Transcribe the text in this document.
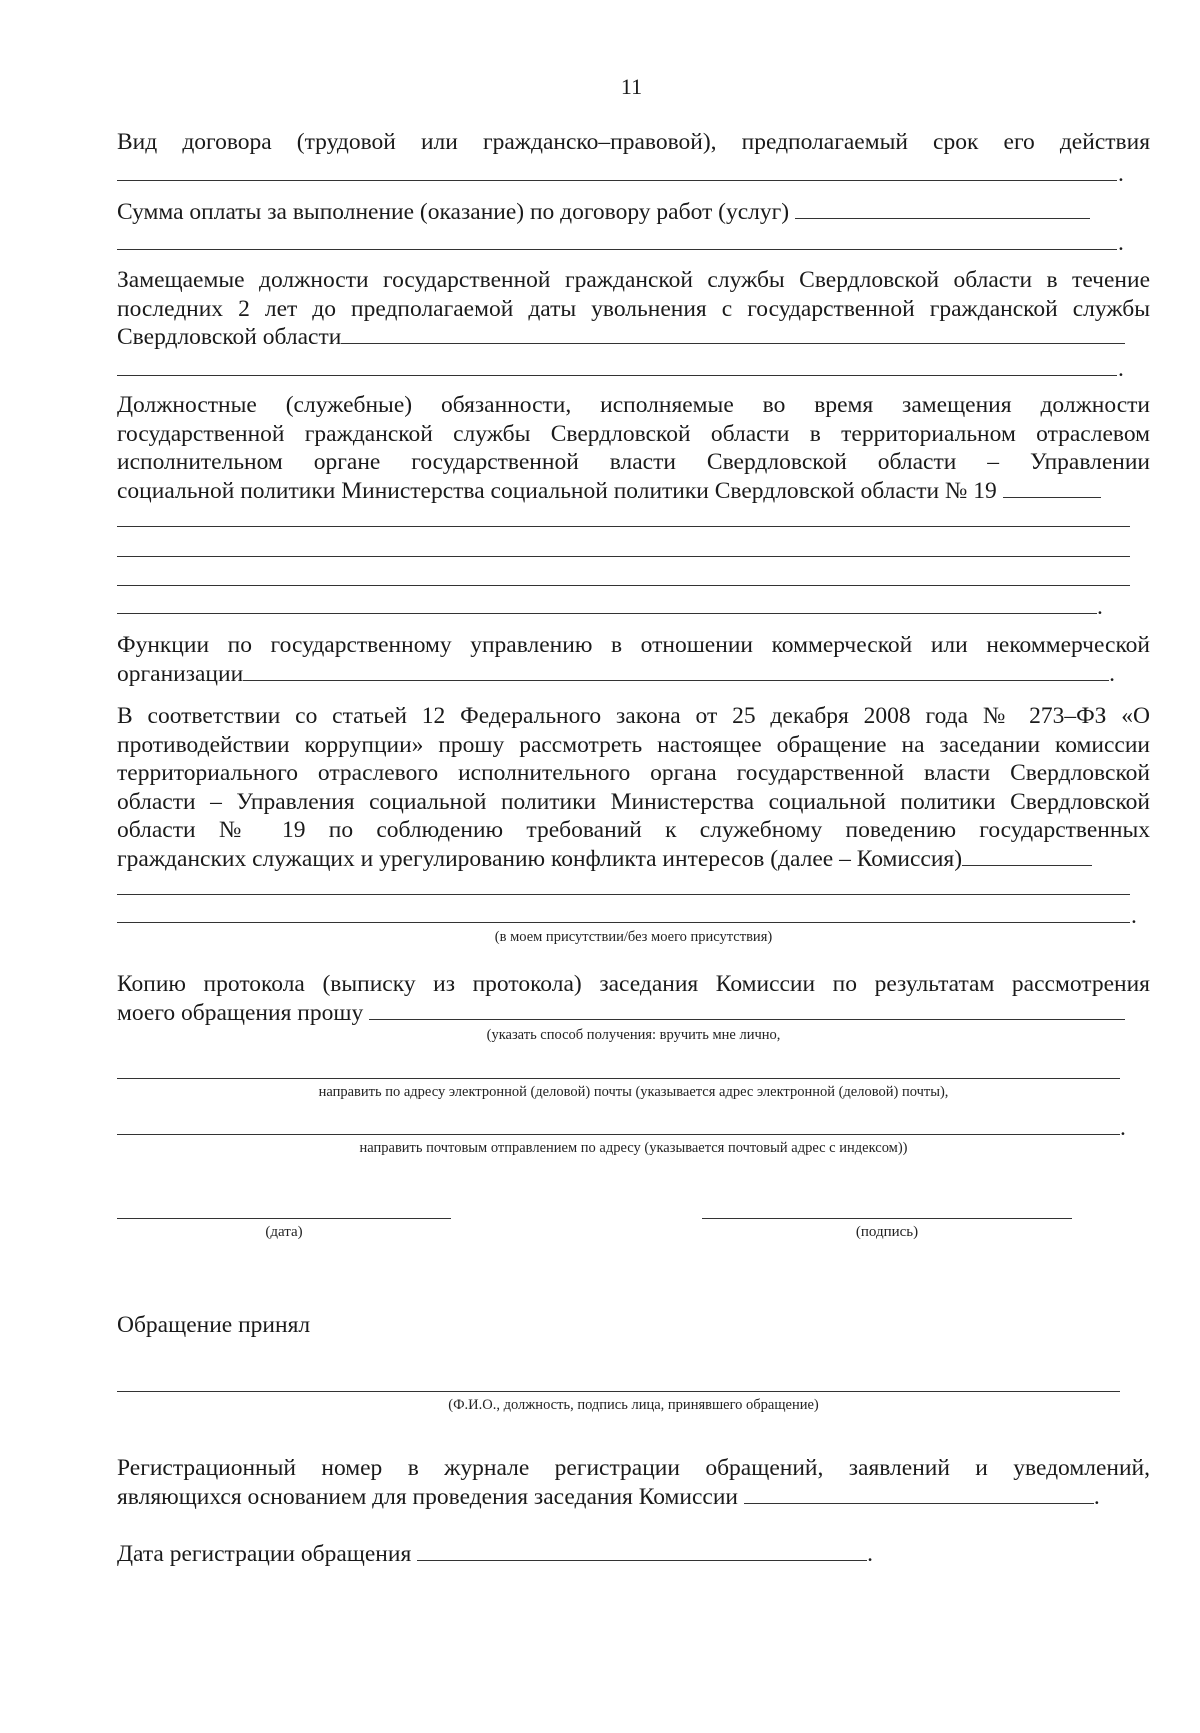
11
Вид договора (трудовой или гражданско–правовой), предполагаемый срок его действия
.
Сумма оплаты за выполнение (оказание) по договору работ (услуг)
.
Замещаемые должности государственной гражданской службы Свердловской области в течение
последних 2 лет до предполагаемой даты увольнения с государственной гражданской службы
Свердловской области
.
Должностные (служебные) обязанности, исполняемые во время замещения должности
государственной гражданской службы Свердловской области в территориальном отраслевом
исполнительном органе государственной власти Свердловской области – Управлении
социальной политики Министерства социальной политики Свердловской области № 19
.
Функции по государственному управлению в отношении коммерческой или некоммерческой
организации	.
В соответствии со статьей 12 Федерального закона от 25 декабря 2008 года № 273–ФЗ «О
противодействии коррупции» прошу рассмотреть настоящее обращение на заседании комиссии
территориального отраслевого исполнительного органа государственной власти Свердловской
области – Управления социальной политики Министерства социальной политики Свердловской
области № 19 по соблюдению требований к служебному поведению государственных
гражданских служащих и урегулированию конфликта интересов (далее – Комиссия)
.
(в моем присутствии/без моего присутствия)
Копию протокола (выписку из протокола) заседания Комиссии по результатам рассмотрения
моего обращения прошу
(указать способ получения: вручить мне лично,
направить по адресу электронной (деловой) почты (указывается адрес электронной (деловой) почты),
.
направить почтовым отправлением по адресу (указывается почтовый адрес с индексом))
(дата)	(подпись)
Обращение принял
(Ф.И.О., должность, подпись лица, принявшего обращение)
Регистрационный номер в журнале регистрации обращений, заявлений и уведомлений,
являющихся основанием для проведения заседания Комиссии	.
Дата регистрации обращения	.
